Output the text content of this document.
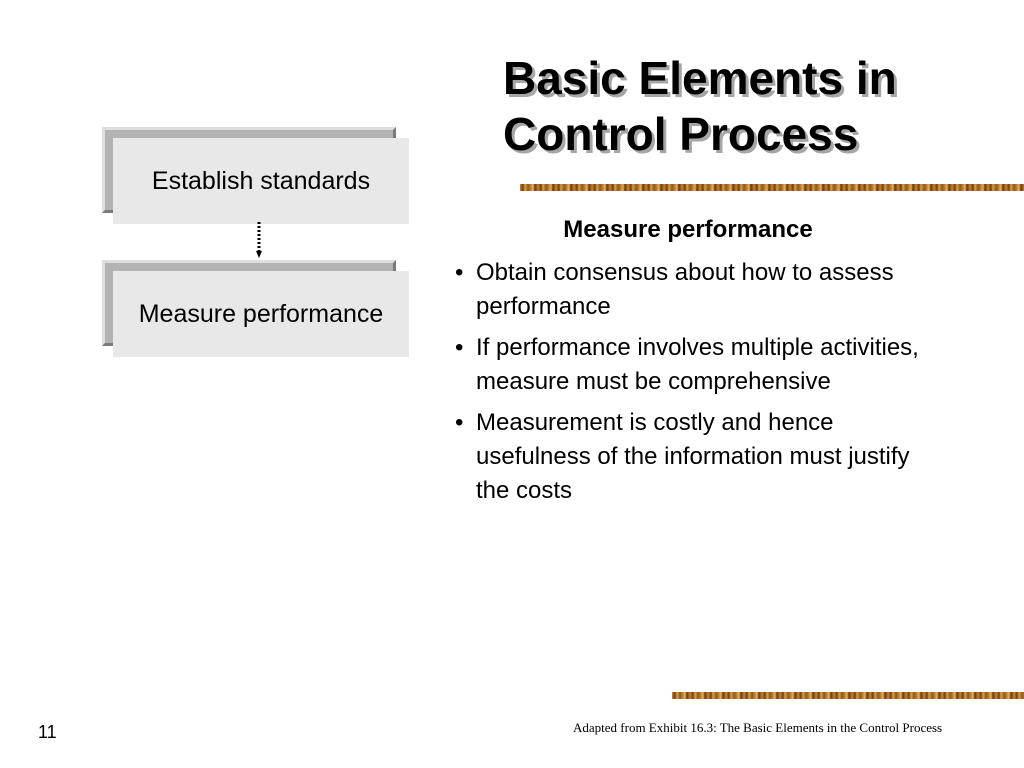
Basic Elements in
Control Process
Establish standards
Measure performance
Measure performance
• Obtain consensus about how to assess performance
• If performance involves multiple activities, measure must be comprehensive
• Measurement is costly and hence usefulness of the information must justify the costs
11	Adapted from Exhibit 16.3: The Basic Elements in the Control Process
